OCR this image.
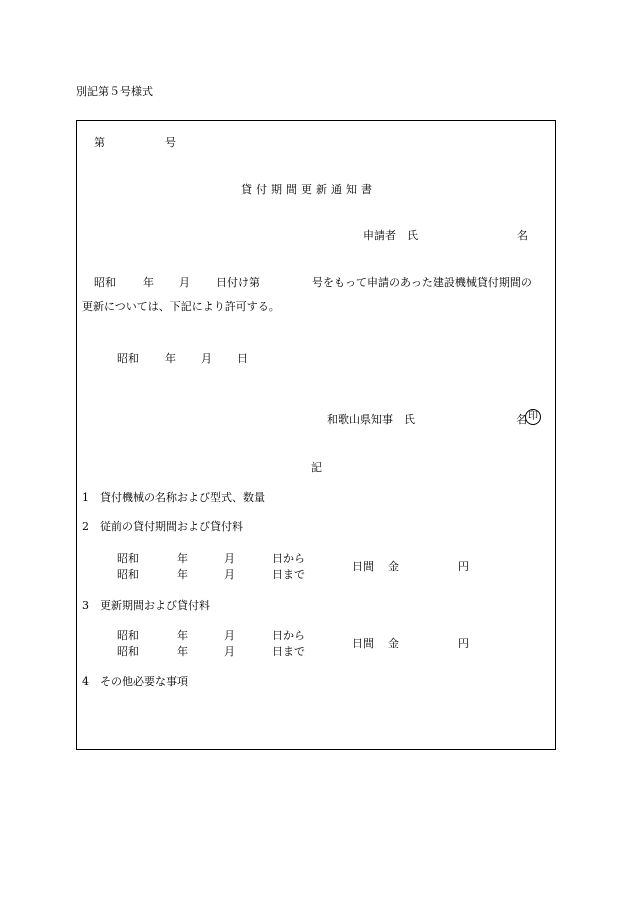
別記第５号様式
第	号
貸付期間更新通知書
申請者　氏	名
昭和 年 月 日付け第	号をもって申請のあった建設機械貸付期間の
更新については、下記により許可する。
昭和 年 月 日
和歌山県知事　氏	名 印
記
1　貸付機械の名称および型式、数量
2　従前の貸付期間および貸付料
昭和	年	月	日から
昭和	年	月	日まで
日間 金	円
3　更新期間および貸付料
昭和	年	月	日から
昭和	年	月	日まで
日間 金	円
4　その他必要な事項
